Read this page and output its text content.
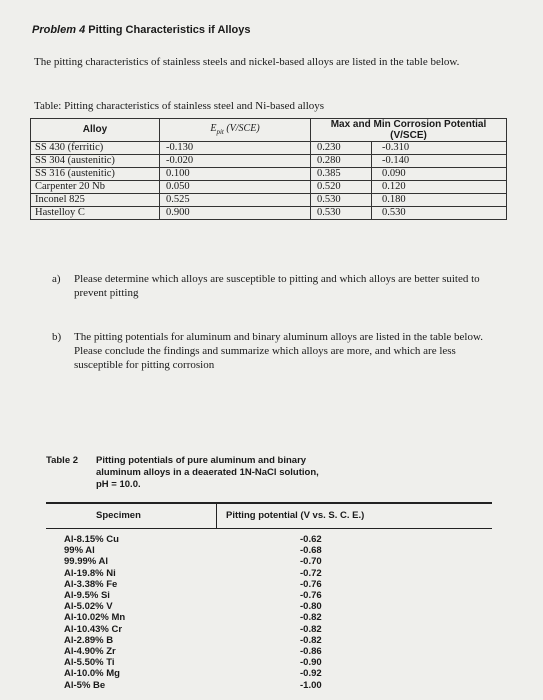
Problem 4 Pitting Characteristics if Alloys
The pitting characteristics of stainless steels and nickel-based alloys are listed in the table below.
Table: Pitting characteristics of stainless steel and Ni-based alloys
Alloy	$E_{pit}$ (V/SCE)	Max and Min Corrosion Potential
(V/SCE)	
SS 430 (ferritic)	-0.130	0.230	-0.310
SS 304 (austenitic)	-0.020	0.280	-0.140
SS 316 (austenitic)	0.100	0.385	0.090
Carpenter 20 Nb	0.050	0.520	0.120
Inconel 825	0.525	0.530	0.180
Hastelloy C	0.900	0.530	0.530
a) Please determine which alloys are susceptible to pitting and which alloys are better suited to prevent pitting
b) The pitting potentials for aluminum and binary aluminum alloys are listed in the table below. Please conclude the findings and summarize which alloys are more, and which are less susceptible for pitting corrosion
Table 2 Pitting potentials of pure aluminum and binary
aluminum alloys in a deaerated 1N-NaCl solution,
pH = 10.0.
Specimen	Pitting potential (V vs. S. C. E.)
Al-8.15% Cu	-0.62
99% Al	-0.68
99.99% Al	-0.70
Al-19.8% Ni	-0.72
Al-3.38% Fe	-0.76
Al-9.5% Si	-0.76
Al-5.02% V	-0.80
Al-10.02% Mn	-0.82
Al-10.43% Cr	-0.82
Al-2.89% B	-0.82
Al-4.90% Zr	-0.86
Al-5.50% Ti	-0.90
Al-10.0% Mg	-0.92
Al-5% Be	-1.00
